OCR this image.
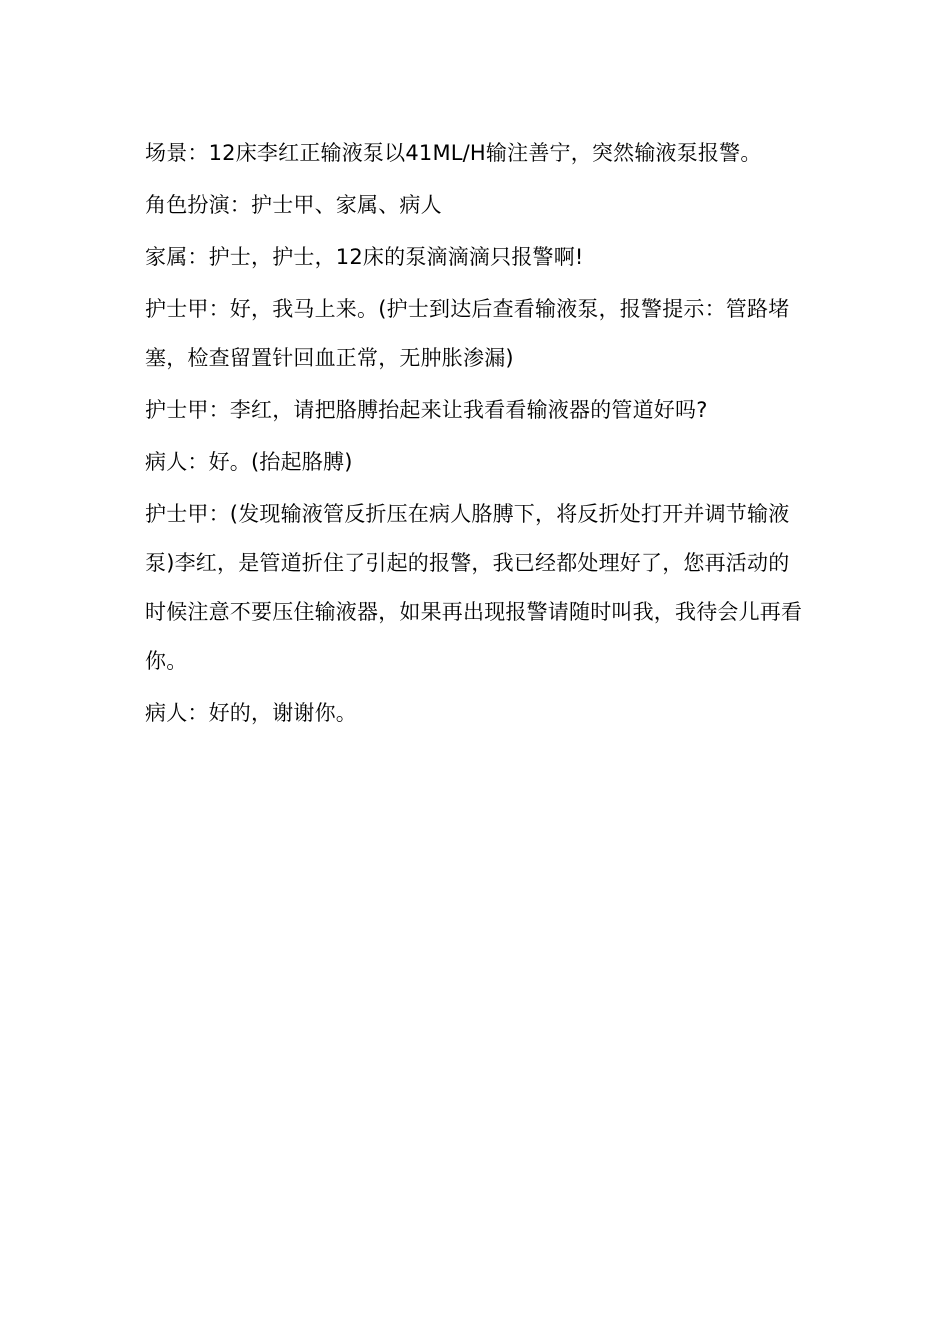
场景：12床李红正输液泵以41ML/H输注善宁，突然输液泵报警。

角色扮演：护士甲、家属、病人

家属：护士，护士，12床的泵滴滴滴只报警啊!

护士甲：好，我马上来。(护士到达后查看输液泵，报警提示：管路堵塞，检查留置针回血正常，无肿胀渗漏)

护士甲：李红，请把胳膊抬起来让我看看输液器的管道好吗?

病人：好。(抬起胳膊)

护士甲：(发现输液管反折压在病人胳膊下，将反折处打开并调节输液泵)李红，是管道折住了引起的报警，我已经都处理好了，您再活动的时候注意不要压住输液器，如果再出现报警请随时叫我，我待会儿再看你。

病人：好的，谢谢你。
